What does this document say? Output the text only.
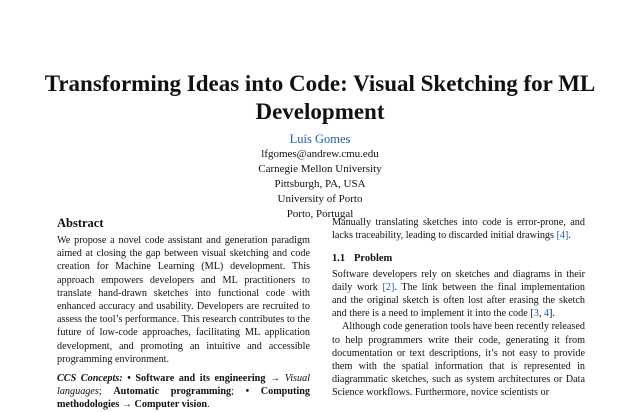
Transforming Ideas into Code: Visual Sketching for ML Development
Luís Gomes
lfgomes@andrew.cmu.edu
Carnegie Mellon University
Pittsburgh, PA, USA
University of Porto
Porto, Portugal
Abstract

We propose a novel code assistant and generation paradigm aimed at closing the gap between visual sketching and code creation for Machine Learning (ML) development. This approach empowers developers and ML practitioners to translate hand-drawn sketches into functional code with enhanced accuracy and usability. Developers are recruited to assess the tool’s performance. This research contributes to the future of low-code approaches, facilitating ML application development, and promoting an intuitive and accessible programming environment.

CCS Concepts: • Software and its engineering → Visual languages; Automatic programming; • Computing methodologies → Computer vision.

Manually translating sketches into code is error-prone, and lacks traceability, leading to discarded initial drawings [4].

1.1 Problem

Software developers rely on sketches and diagrams in their daily work [2]. The link between the final implementation and the original sketch is often lost after erasing the sketch and there is a need to implement it into the code [3, 4].

Although code generation tools have been recently released to help programmers write their code, generating it from documentation or text descriptions, it’s not easy to provide them with the spatial information that is represented in diagrammatic sketches, such as system architectures or Data Science workflows. Furthermore, novice scientists or
